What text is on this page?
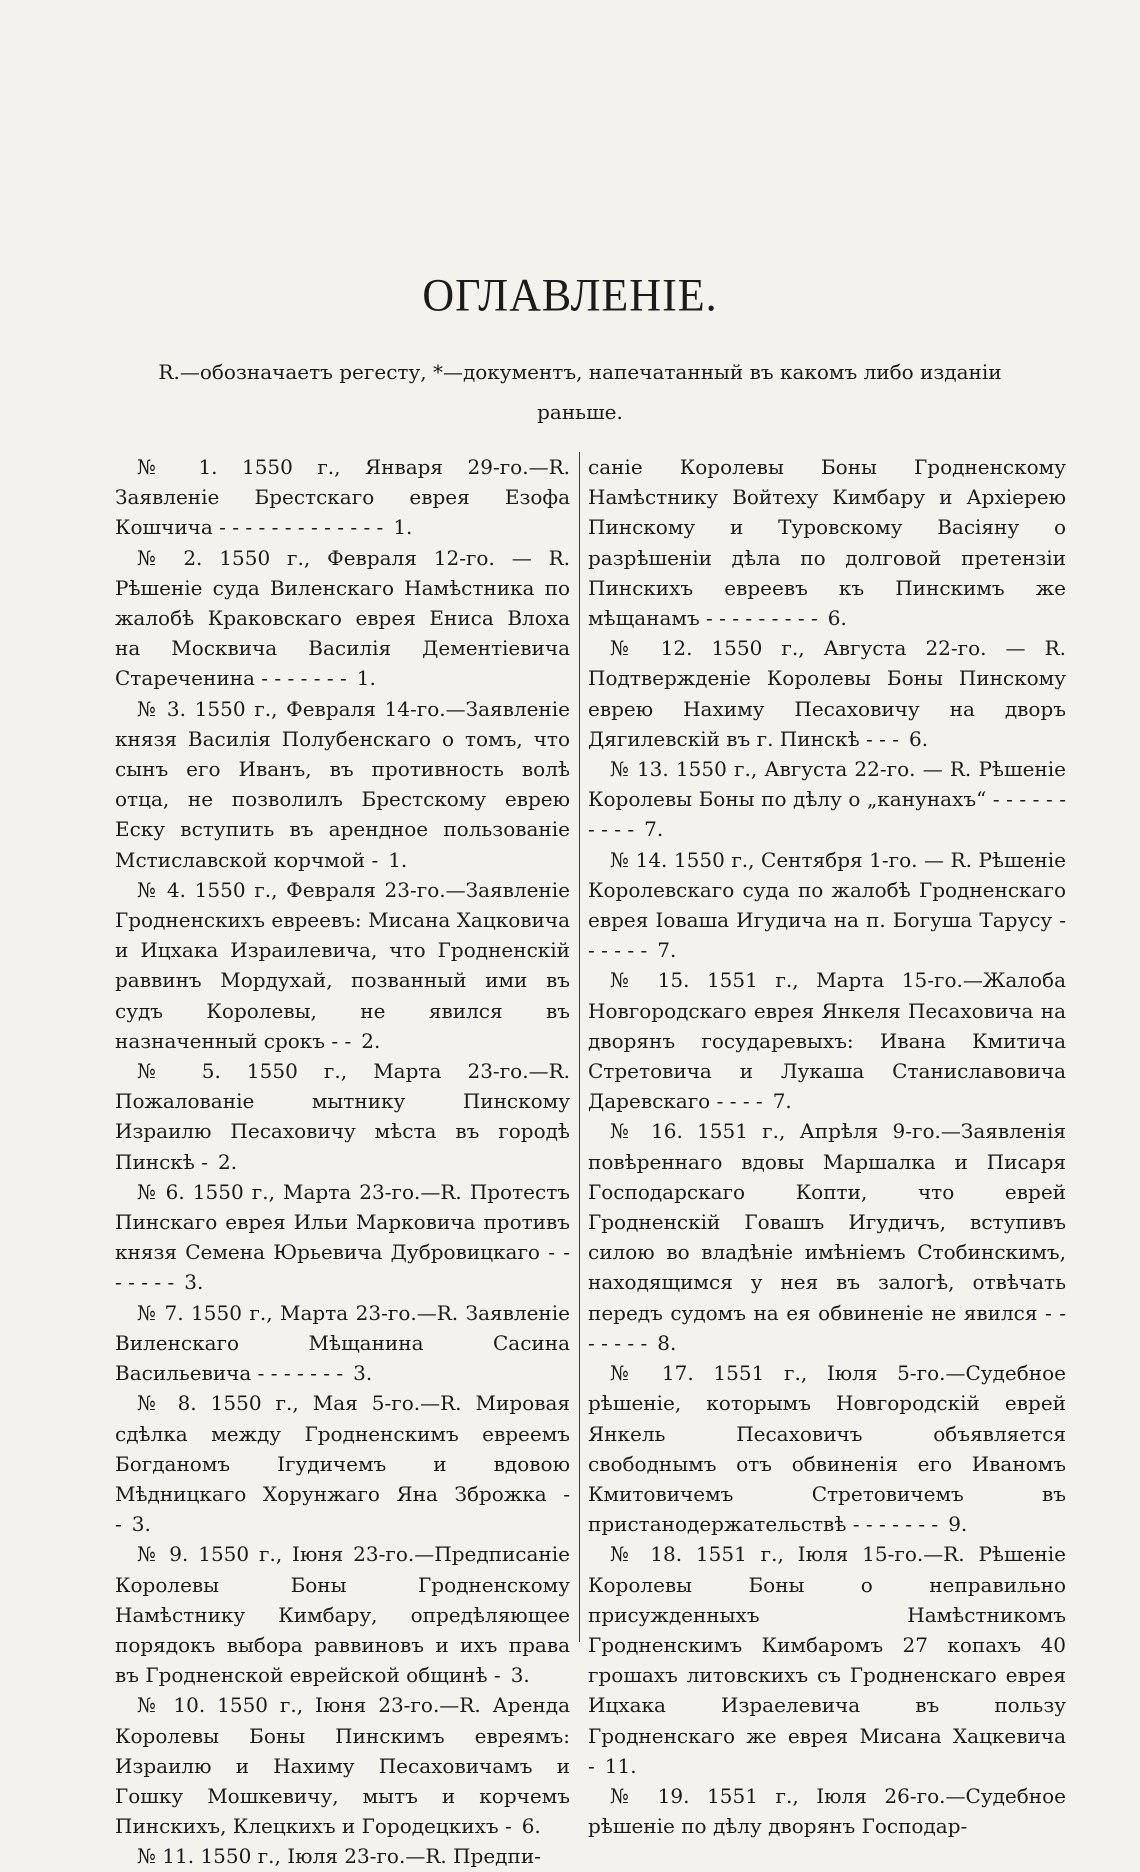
ОГЛАВЛЕНІЕ.
R.—обозначаетъ регесту, *—документъ, напечатанный въ какомъ либо изданіи раньше.

№ 1. 1550 г., Января 29-го.—R. Заявленіе Брестскаго еврея Езофа Кошчича - - - - - - - - - - - - - 1.

№ 2. 1550 г., Февраля 12-го. — R. Рѣшеніе суда Виленскаго Намѣстника по жалобѣ Краковскаго еврея Ениса Влоха на Москвича Василія Дементіевича Стареченина - - - - - - - 1.

№ 3. 1550 г., Февраля 14-го.—Заявленіе князя Василія Полубенскаго о томъ, что сынъ его Иванъ, въ противность волѣ отца, не позволилъ Брестскому еврею Еску вступить въ арендное пользованіе Мстиславской корчмой - 1.

№ 4. 1550 г., Февраля 23-го.—Заявленіе Гродненскихъ евреевъ: Мисана Хацковича и Ицхака Израилевича, что Гродненскій раввинъ Мордухай, позванный ими въ судъ Королевы, не явился въ назначенный срокъ - - 2.

№ 5. 1550 г., Марта 23-го.—R. Пожалованіе мытнику Пинскому Израилю Песаховичу мѣста въ городѣ Пинскѣ - 2.

№ 6. 1550 г., Марта 23-го.—R. Протестъ Пинскаго еврея Ильи Марковича противъ князя Семена Юрьевича Дубровицкаго - - - - - - - 3.

№ 7. 1550 г., Марта 23-го.—R. Заявленіе Виленскаго Мѣщанина Сасина Васильевича - - - - - - - 3.

№ 8. 1550 г., Мая 5-го.—R. Мировая сдѣлка между Гродненскимъ евреемъ Богданомъ Ігудичемъ и вдовою Мѣдницкаго Хорунжаго Яна Зброжка - - 3.

№ 9. 1550 г., Іюня 23-го.—Предписаніе Королевы Боны Гродненскому Намѣстнику Кимбару, опредѣляющее порядокъ выбора раввиновъ и ихъ права въ Гродненской еврейской общинѣ - 3.

№ 10. 1550 г., Іюня 23-го.—R. Аренда Королевы Боны Пинскимъ евреямъ: Израилю и Нахиму Песаховичамъ и Гошку Мошкевичу, мытъ и корчемъ Пинскихъ, Клецкихъ и Городецкихъ - 6.

№ 11. 1550 г., Іюля 23-го.—R. Предпи-

саніе Королевы Боны Гродненскому Намѣстнику Войтеху Кимбару и Архіерею Пинскому и Туровскому Васіяну о разрѣшеніи дѣла по долговой претензіи Пинскихъ евреевъ къ Пинскимъ же мѣщанамъ - - - - - - - - - 6.

№ 12. 1550 г., Августа 22-го. — R. Подтвержденіе Королевы Боны Пинскому еврею Нахиму Песаховичу на дворъ Дягилевскій въ г. Пинскѣ - - - 6.

№ 13. 1550 г., Августа 22-го. — R. Рѣшеніе Королевы Боны по дѣлу о „канунахъ“ - - - - - - - - - - 7.

№ 14. 1550 г., Сентября 1-го. — R. Рѣшеніе Королевскаго суда по жалобѣ Гродненскаго еврея Іоваша Игудича на п. Богуша Тарусу - - - - - - 7.

№ 15. 1551 г., Марта 15-го.—Жалоба Новгородскаго еврея Янкеля Песаховича на дворянъ государевыхъ: Ивана Кмитича Стретовича и Лукаша Станиславовича Даревскаго - - - - 7.

№ 16. 1551 г., Апрѣля 9-го.—Заявленія повѣреннаго вдовы Маршалка и Писаря Господарскаго Копти, что еврей Гродненскій Говашъ Игудичъ, вступивъ силою во владѣніе имѣніемъ Стобинскимъ, находящимся у нея въ залогѣ, отвѣчать передъ судомъ на ея обвиненіе не явился - - - - - - - 8.

№ 17. 1551 г., Іюля 5-го.—Судебное рѣшеніе, которымъ Новгородскій еврей Янкель Песаховичъ объявляется свободнымъ отъ обвиненія его Иваномъ Кмитовичемъ Стретовичемъ въ пристанодержательствѣ - - - - - - - 9.

№ 18. 1551 г., Іюля 15-го.—R. Рѣшеніе Королевы Боны о неправильно присужденныхъ Намѣстникомъ Гродненскимъ Кимбаромъ 27 копахъ 40 грошахъ литовскихъ съ Гродненскаго еврея Ицхака Израелевича въ пользу Гродненскаго же еврея Мисана Хацкевича - 11.

№ 19. 1551 г., Іюля 26-го.—Судебное рѣшеніе по дѣлу дворянъ Господар-
